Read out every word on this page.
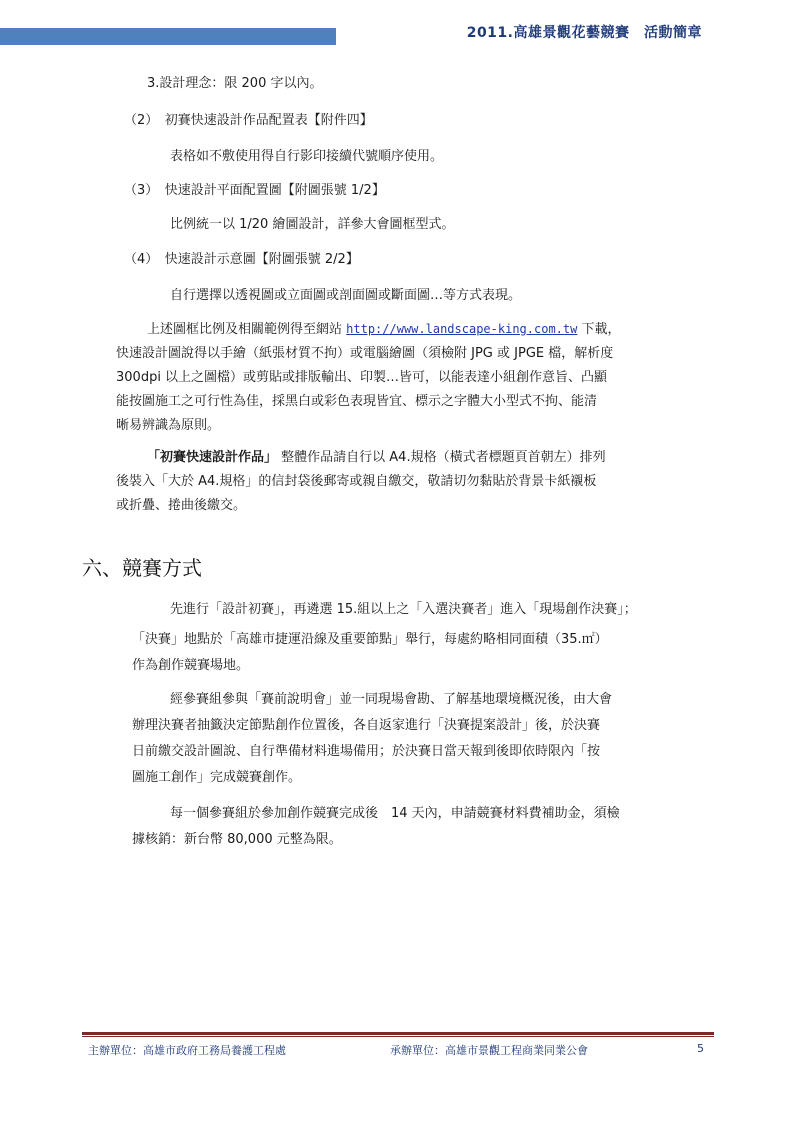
2011.高雄景觀花藝競賽　活動簡章
3.設計理念：限 200 字以內。
（2）　初賽快速設計作品配置表【附件四】
表格如不敷使用得自行影印接續代號順序使用。
（3）　快速設計平面配置圖【附圖張號 1/2】
比例統一以 1/20 繪圖設計，詳參大會圖框型式。
（4）　快速設計示意圖【附圖張號 2/2】
自行選擇以透視圖或立面圖或剖面圖或斷面圖…等方式表現。
上述圖框比例及相關範例得至網站 http://www.landscape-king.com.tw 下載，
快速設計圖說得以手繪（紙張材質不拘）或電腦繪圖（須檢附 JPG 或 JPGE 檔，解析度
300dpi 以上之圖檔）或剪貼或排版輸出、印製…皆可，以能表達小組創作意旨、凸顯
能按圖施工之可行性為佳，採黑白或彩色表現皆宜、標示之字體大小型式不拘、能清
晰易辨識為原則。
「初賽快速設計作品」 整體作品請自行以 A4.規格（橫式者標題頁首朝左）排列
後裝入「大於 A4.規格」的信封袋後郵寄或親自繳交，敬請切勿黏貼於背景卡紙襯板
或折疊、捲曲後繳交。
六、競賽方式
先進行「設計初賽」，再遴選 15.組以上之「入選決賽者」進入「現場創作決賽」；
「決賽」地點於「高雄市捷運沿線及重要節點」舉行，每處約略相同面積（35.㎡）
作為創作競賽場地。
經參賽組參與「賽前說明會」並一同現場會勘、了解基地環境概況後，由大會
辦理決賽者抽籤決定節點創作位置後，各自返家進行「決賽提案設計」後，於決賽
日前繳交設計圖說、自行準備材料進場備用；於決賽日當天報到後即依時限內「按
圖施工創作」完成競賽創作。
每一個參賽組於參加創作競賽完成後　14 天內，申請競賽材料費補助金，須檢
據核銷：新台幣 80,000 元整為限。
主辦單位：高雄市政府工務局養護工程處	承辦單位：高雄市景觀工程商業同業公會	5
